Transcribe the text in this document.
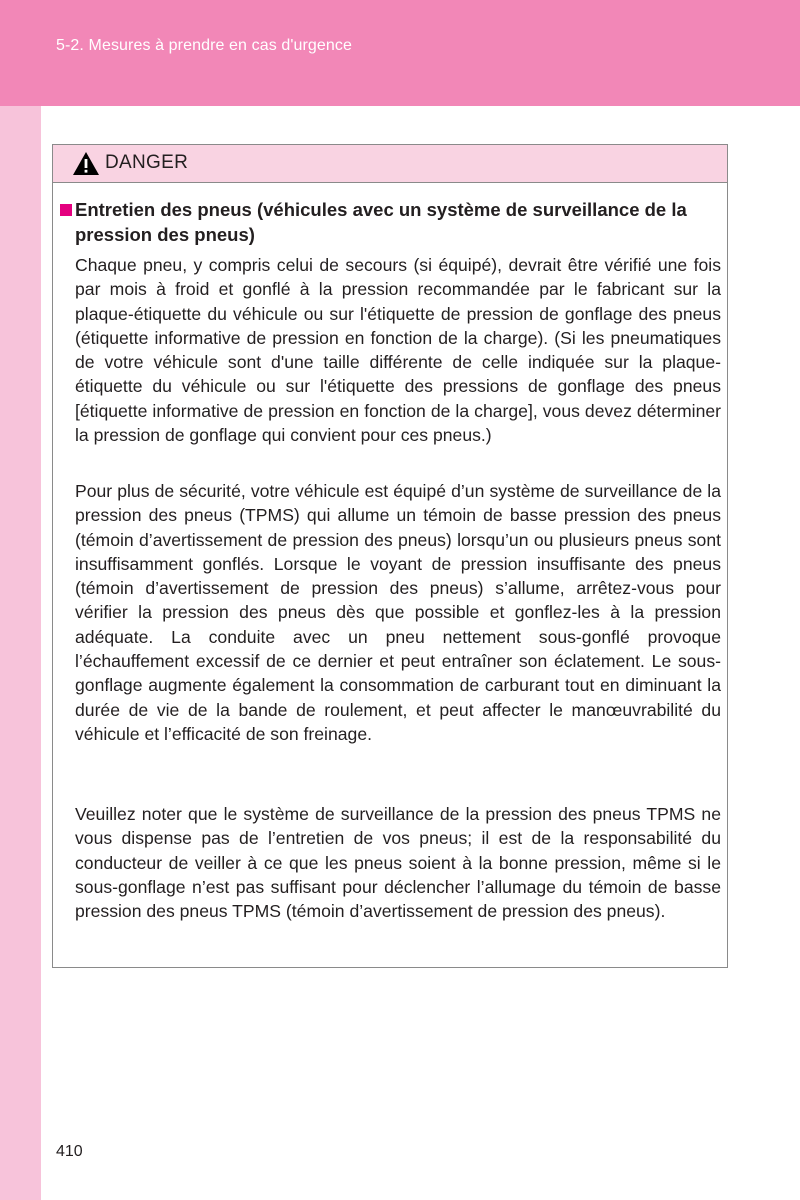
5-2. Mesures à prendre en cas d'urgence
DANGER
Entretien des pneus (véhicules avec un système de surveillance de la pression des pneus)

Chaque pneu, y compris celui de secours (si équipé), devrait être vérifié une fois par mois à froid et gonflé à la pression recommandée par le fabricant sur la plaque-étiquette du véhicule ou sur l'étiquette de pression de gonflage des pneus (étiquette informative de pression en fonction de la charge). (Si les pneumatiques de votre véhicule sont d'une taille différente de celle indiquée sur la plaque-étiquette du véhicule ou sur l'étiquette des pressions de gonflage des pneus [étiquette informative de pression en fonction de la charge], vous devez déterminer la pression de gonflage qui convient pour ces pneus.)

Pour plus de sécurité, votre véhicule est équipé d’un système de surveillance de la pression des pneus (TPMS) qui allume un témoin de basse pression des pneus (témoin d’avertissement de pression des pneus) lorsqu’un ou plusieurs pneus sont insuffisamment gonflés. Lorsque le voyant de pression insuffisante des pneus (témoin d’avertissement de pression des pneus) s’allume, arrêtez-vous pour vérifier la pression des pneus dès que possible et gonflez-les à la pression adéquate. La conduite avec un pneu nettement sous-gonflé provoque l’échauffement excessif de ce dernier et peut entraîner son éclatement. Le sous-gonflage augmente également la consommation de carburant tout en diminuant la durée de vie de la bande de roulement, et peut affecter le manœuvrabilité du véhicule et l’efficacité de son freinage.

Veuillez noter que le système de surveillance de la pression des pneus TPMS ne vous dispense pas de l’entretien de vos pneus; il est de la responsabilité du conducteur de veiller à ce que les pneus soient à la bonne pression, même si le sous-gonflage n’est pas suffisant pour déclencher l’allumage du témoin de basse pression des pneus TPMS (témoin d’avertissement de pression des pneus).

410
